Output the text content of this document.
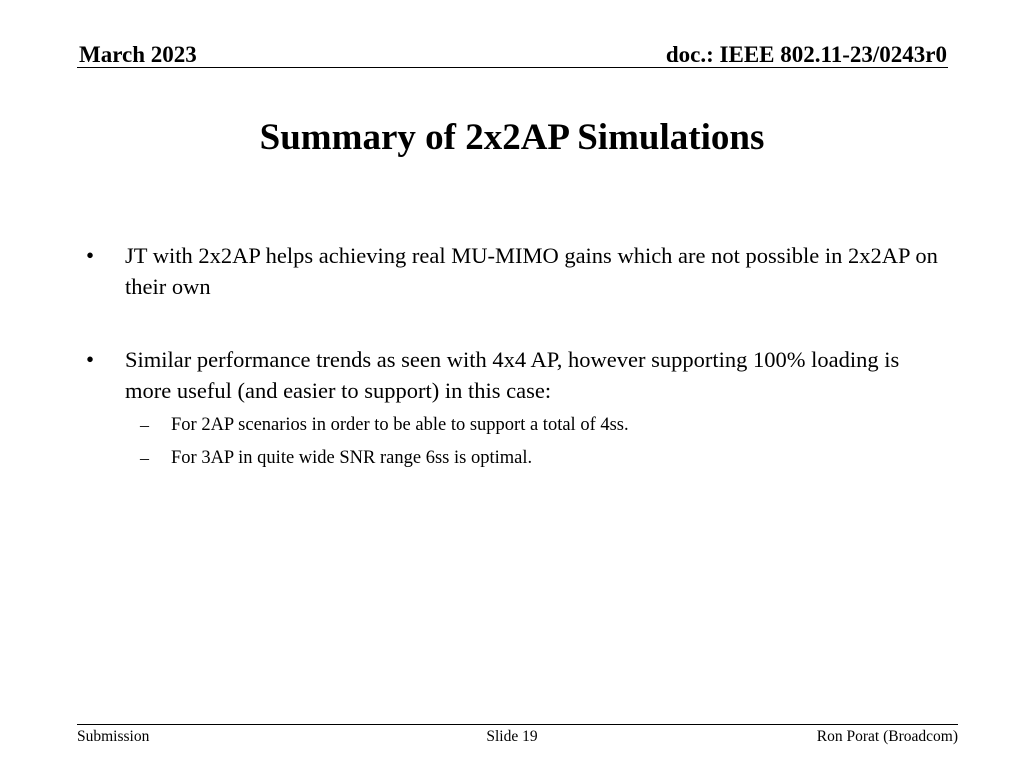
March 2023	doc.: IEEE 802.11-23/0243r0
Summary of 2x2AP Simulations
• JT with 2x2AP helps achieving real MU-MIMO gains which are not possible in 2x2AP on their own
• Similar performance trends as seen with 4x4 AP, however supporting 100% loading is more useful (and easier to support) in this case:
– For 2AP scenarios in order to be able to support a total of 4ss.
– For 3AP in quite wide SNR range 6ss is optimal.
Submission	Slide 19	Ron Porat (Broadcom)
